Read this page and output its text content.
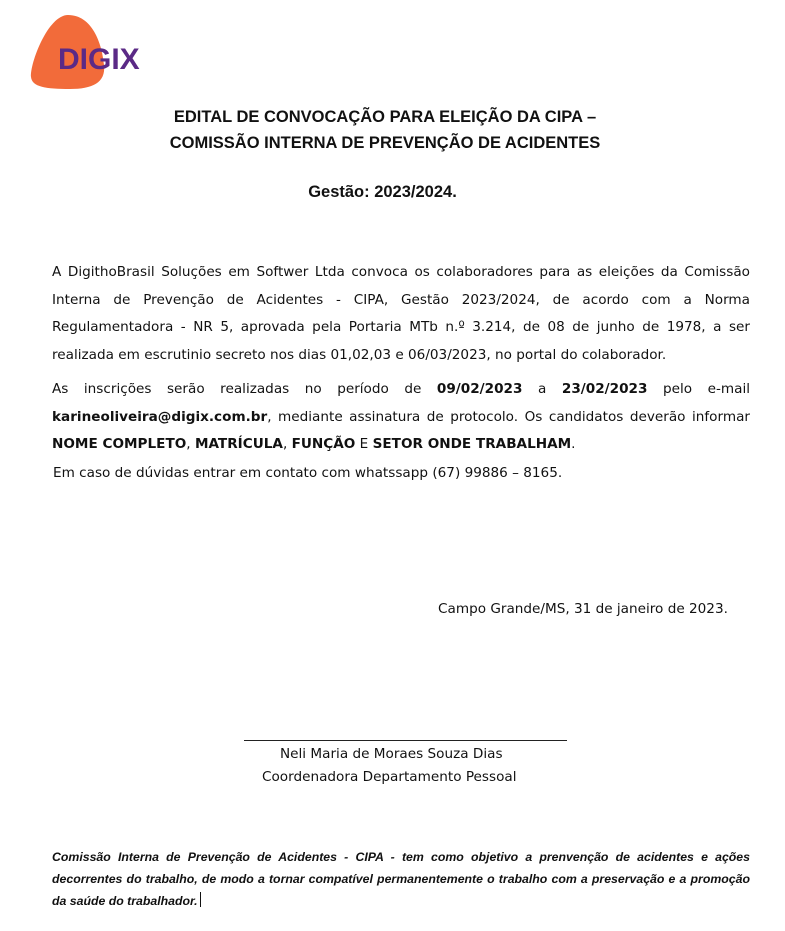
DIGIX
EDITAL DE CONVOCAÇÃO PARA ELEIÇÃO DA CIPA –
COMISSÃO INTERNA DE PREVENÇÃO DE ACIDENTES
Gestão: 2023/2024.
A DigithoBrasil Soluções em Softwer Ltda convoca os colaboradores para as eleições da Comissão Interna de Prevenção de Acidentes - CIPA, Gestão 2023/2024, de acordo com a Norma Regulamentadora - NR 5, aprovada pela Portaria MTb n.º 3.214, de 08 de junho de 1978, a ser realizada em escrutinio secreto nos dias 01,02,03 e 06/03/2023, no portal do colaborador.
As inscrições serão realizadas no período de 09/02/2023 a 23/02/2023 pelo e-mail karineoliveira@digix.com.br, mediante assinatura de protocolo. Os candidatos deverão informar NOME COMPLETO, MATRÍCULA, FUNÇÃO E SETOR ONDE TRABALHAM.
Em caso de dúvidas entrar em contato com whatssapp (67) 99886 – 8165.
Campo Grande/MS, 31 de janeiro de 2023.
Neli Maria de Moraes Souza Dias
Coordenadora Departamento Pessoal
Comissão Interna de Prevenção de Acidentes - CIPA - tem como objetivo a prenvenção de acidentes e ações decorrentes do trabalho, de modo a tornar compatível permanentemente o trabalho com a preservação e a promoção da saúde do trabalhador.
